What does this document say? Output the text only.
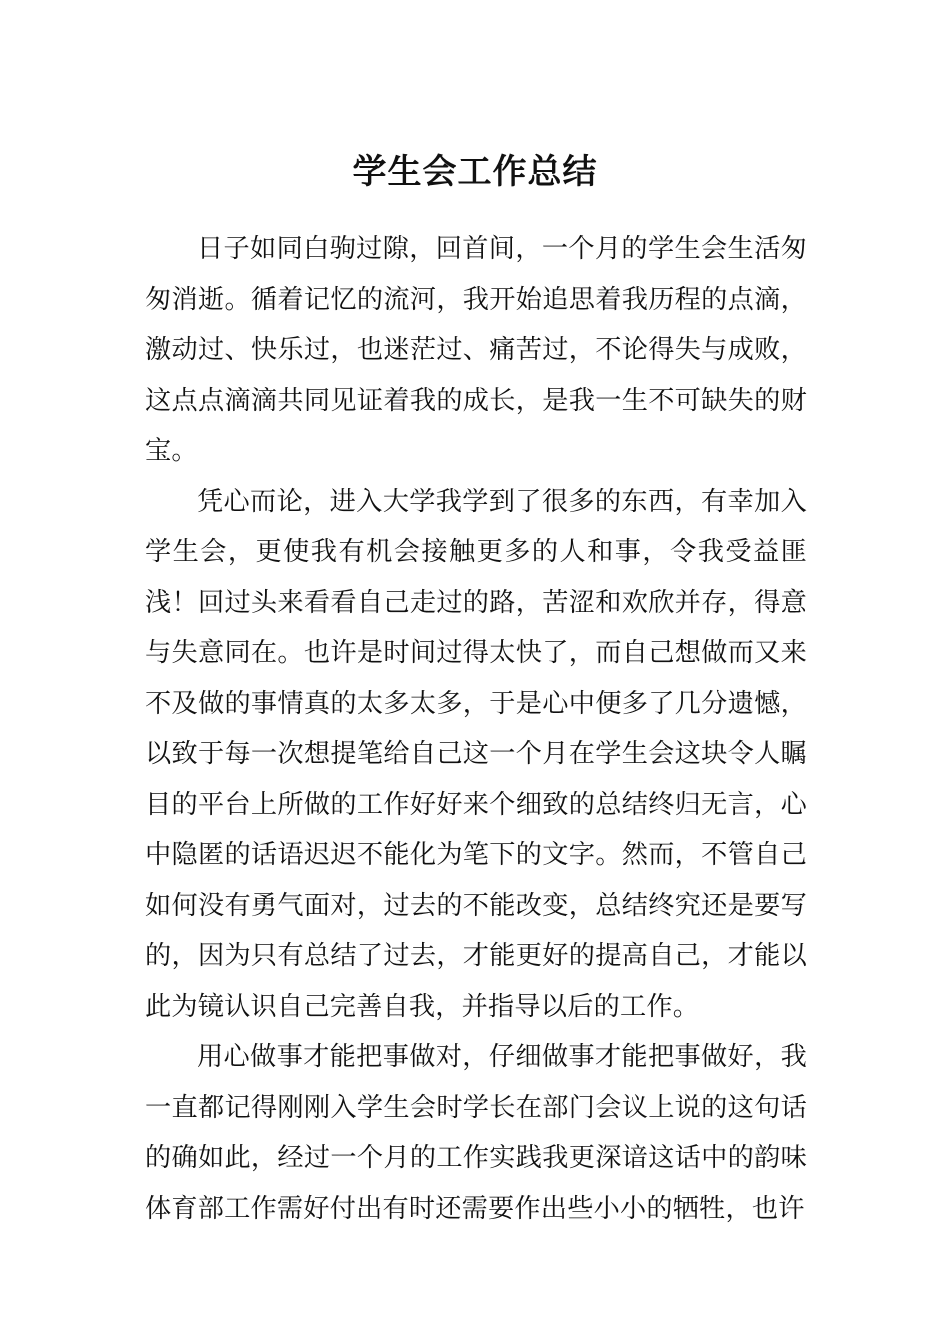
学生会工作总结

日子如同白驹过隙，回首间，一个月的学生会生活匆匆消逝。循着记忆的流河，我开始追思着我历程的点滴，激动过、快乐过，也迷茫过、痛苦过，不论得失与成败，这点点滴滴共同见证着我的成长，是我一生不可缺失的财宝。

凭心而论，进入大学我学到了很多的东西，有幸加入学生会，更使我有机会接触更多的人和事，令我受益匪浅！回过头来看看自己走过的路，苦涩和欢欣并存，得意与失意同在。也许是时间过得太快了，而自己想做而又来不及做的事情真的太多太多，于是心中便多了几分遗憾，以致于每一次想提笔给自己这一个月在学生会这块令人瞩目的平台上所做的工作好好来个细致的总结终归无言，心中隐匿的话语迟迟不能化为笔下的文字。然而，不管自己如何没有勇气面对，过去的不能改变，总结终究还是要写的，因为只有总结了过去，才能更好的提高自己，才能以此为镜认识自己完善自我，并指导以后的工作。

用心做事才能把事做对，仔细做事才能把事做好，我一直都记得刚刚入学生会时学长在部门会议上说的这句话的确如此，经过一个月的工作实践我更深谙这话中的韵味体育部工作需好付出有时还需要作出些小小的牺牲，也许
